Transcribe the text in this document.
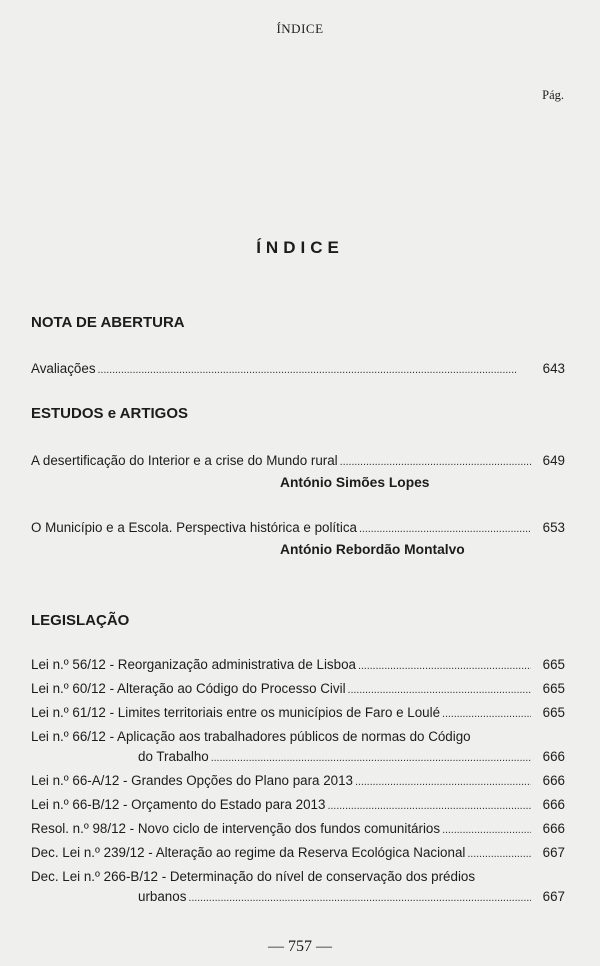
ÍNDICE
Pág.
ÍNDICE
NOTA DE ABERTURA
Avaliações . . .	643
ESTUDOS e ARTIGOS
A desertificação do Interior e a crise do Mundo rural . . .	649
António Simões Lopes
O Município e a Escola. Perspectiva histórica e política . . .	653
António Rebordão Montalvo
LEGISLAÇÃO
Lei n.º 56/12 - Reorganização administrativa de Lisboa . . .	665
Lei n.º 60/12 - Alteração ao Código do Processo Civil . . .	665
Lei n.º 61/12 - Limites territoriais entre os municípios de Faro e Loulé . . .	665
Lei n.º 66/12 - Aplicação aos trabalhadores públicos de normas do Código
do Trabalho . . .	666
Lei n.º 66-A/12 - Grandes Opções do Plano para 2013 . . .	666
Lei n.º 66-B/12 - Orçamento do Estado para 2013 . . .	666
Resol. n.º 98/12 - Novo ciclo de intervenção dos fundos comunitários . . .	666
Dec. Lei n.º 239/12 - Alteração ao regime da Reserva Ecológica Nacional . . .	667
Dec. Lei n.º 266-B/12 - Determinação do nível de conservação dos prédios
urbanos . . .	667
— 757 —
